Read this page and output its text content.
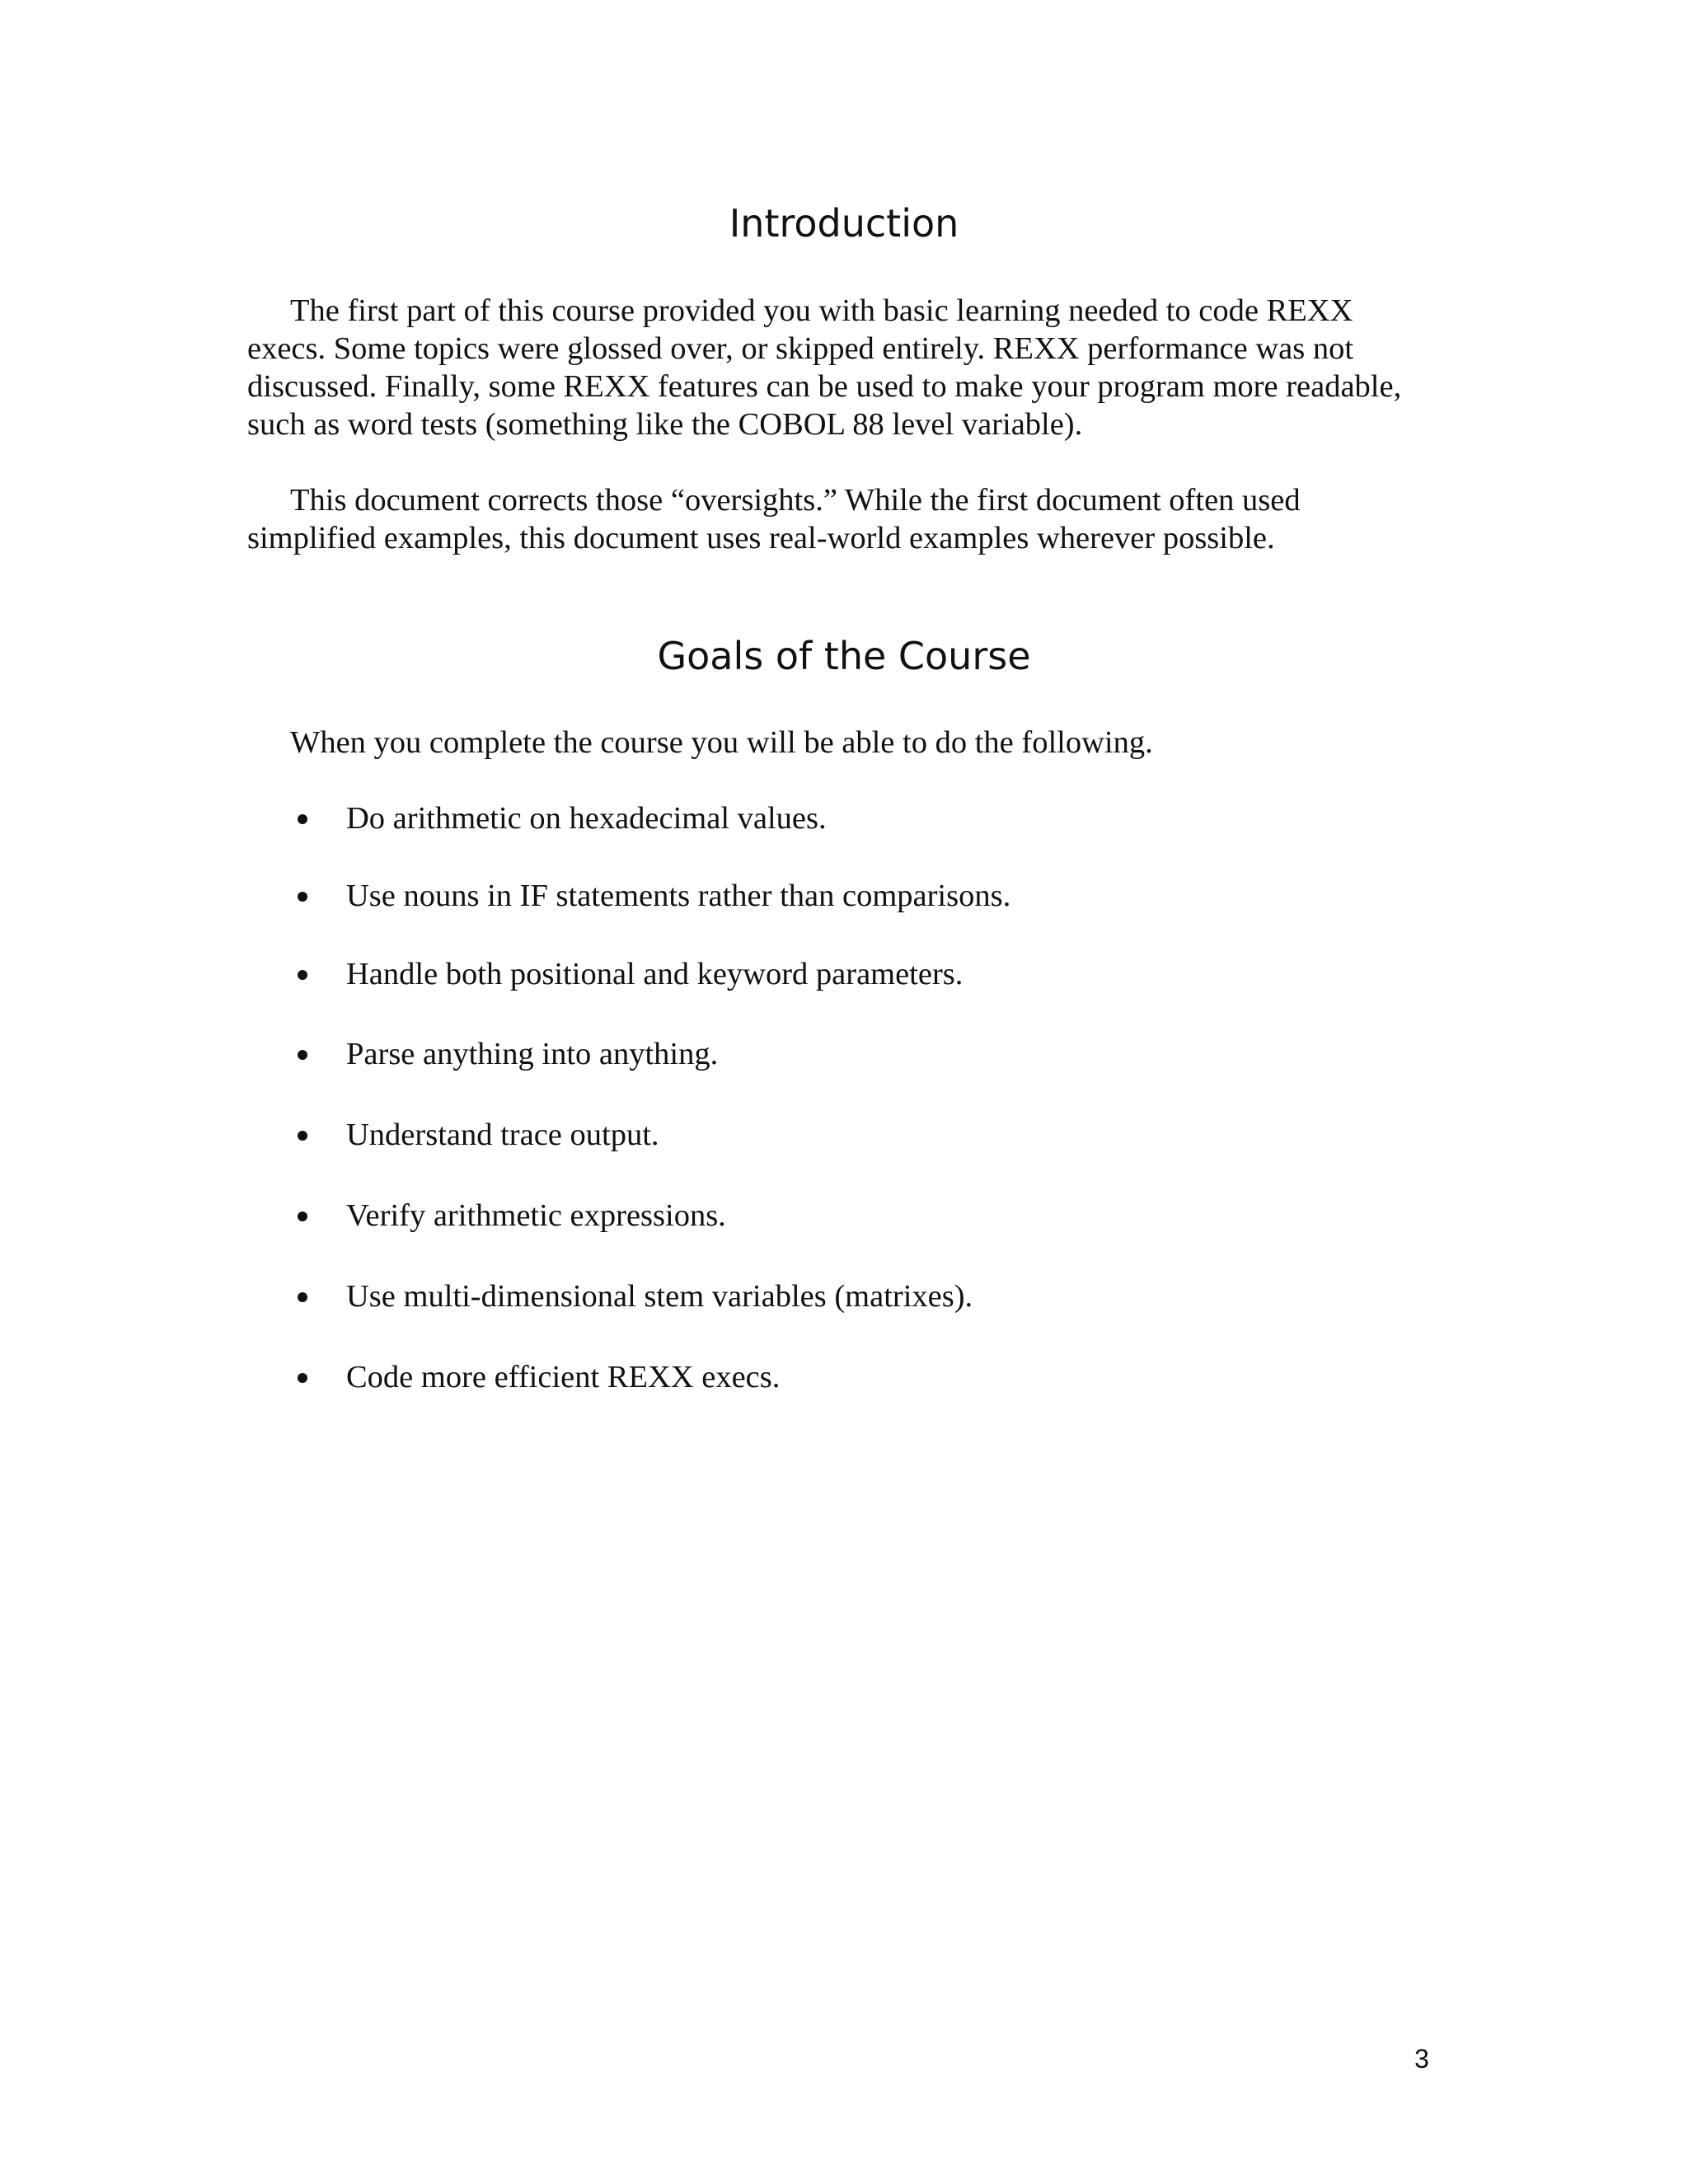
Introduction

The first part of this course provided you with basic learning needed to code REXX execs. Some topics were glossed over, or skipped entirely. REXX performance was not discussed. Finally, some REXX features can be used to make your program more readable, such as word tests (something like the COBOL 88 level variable).

This document corrects those “oversights.” While the first document often used simplified examples, this document uses real-world examples wherever possible.

Goals of the Course

When you complete the course you will be able to do the following.

Do arithmetic on hexadecimal values.
Use nouns in IF statements rather than comparisons.
Handle both positional and keyword parameters.
Parse anything into anything.
Understand trace output.
Verify arithmetic expressions.
Use multi-dimensional stem variables (matrixes).
Code more efficient REXX execs.
3
